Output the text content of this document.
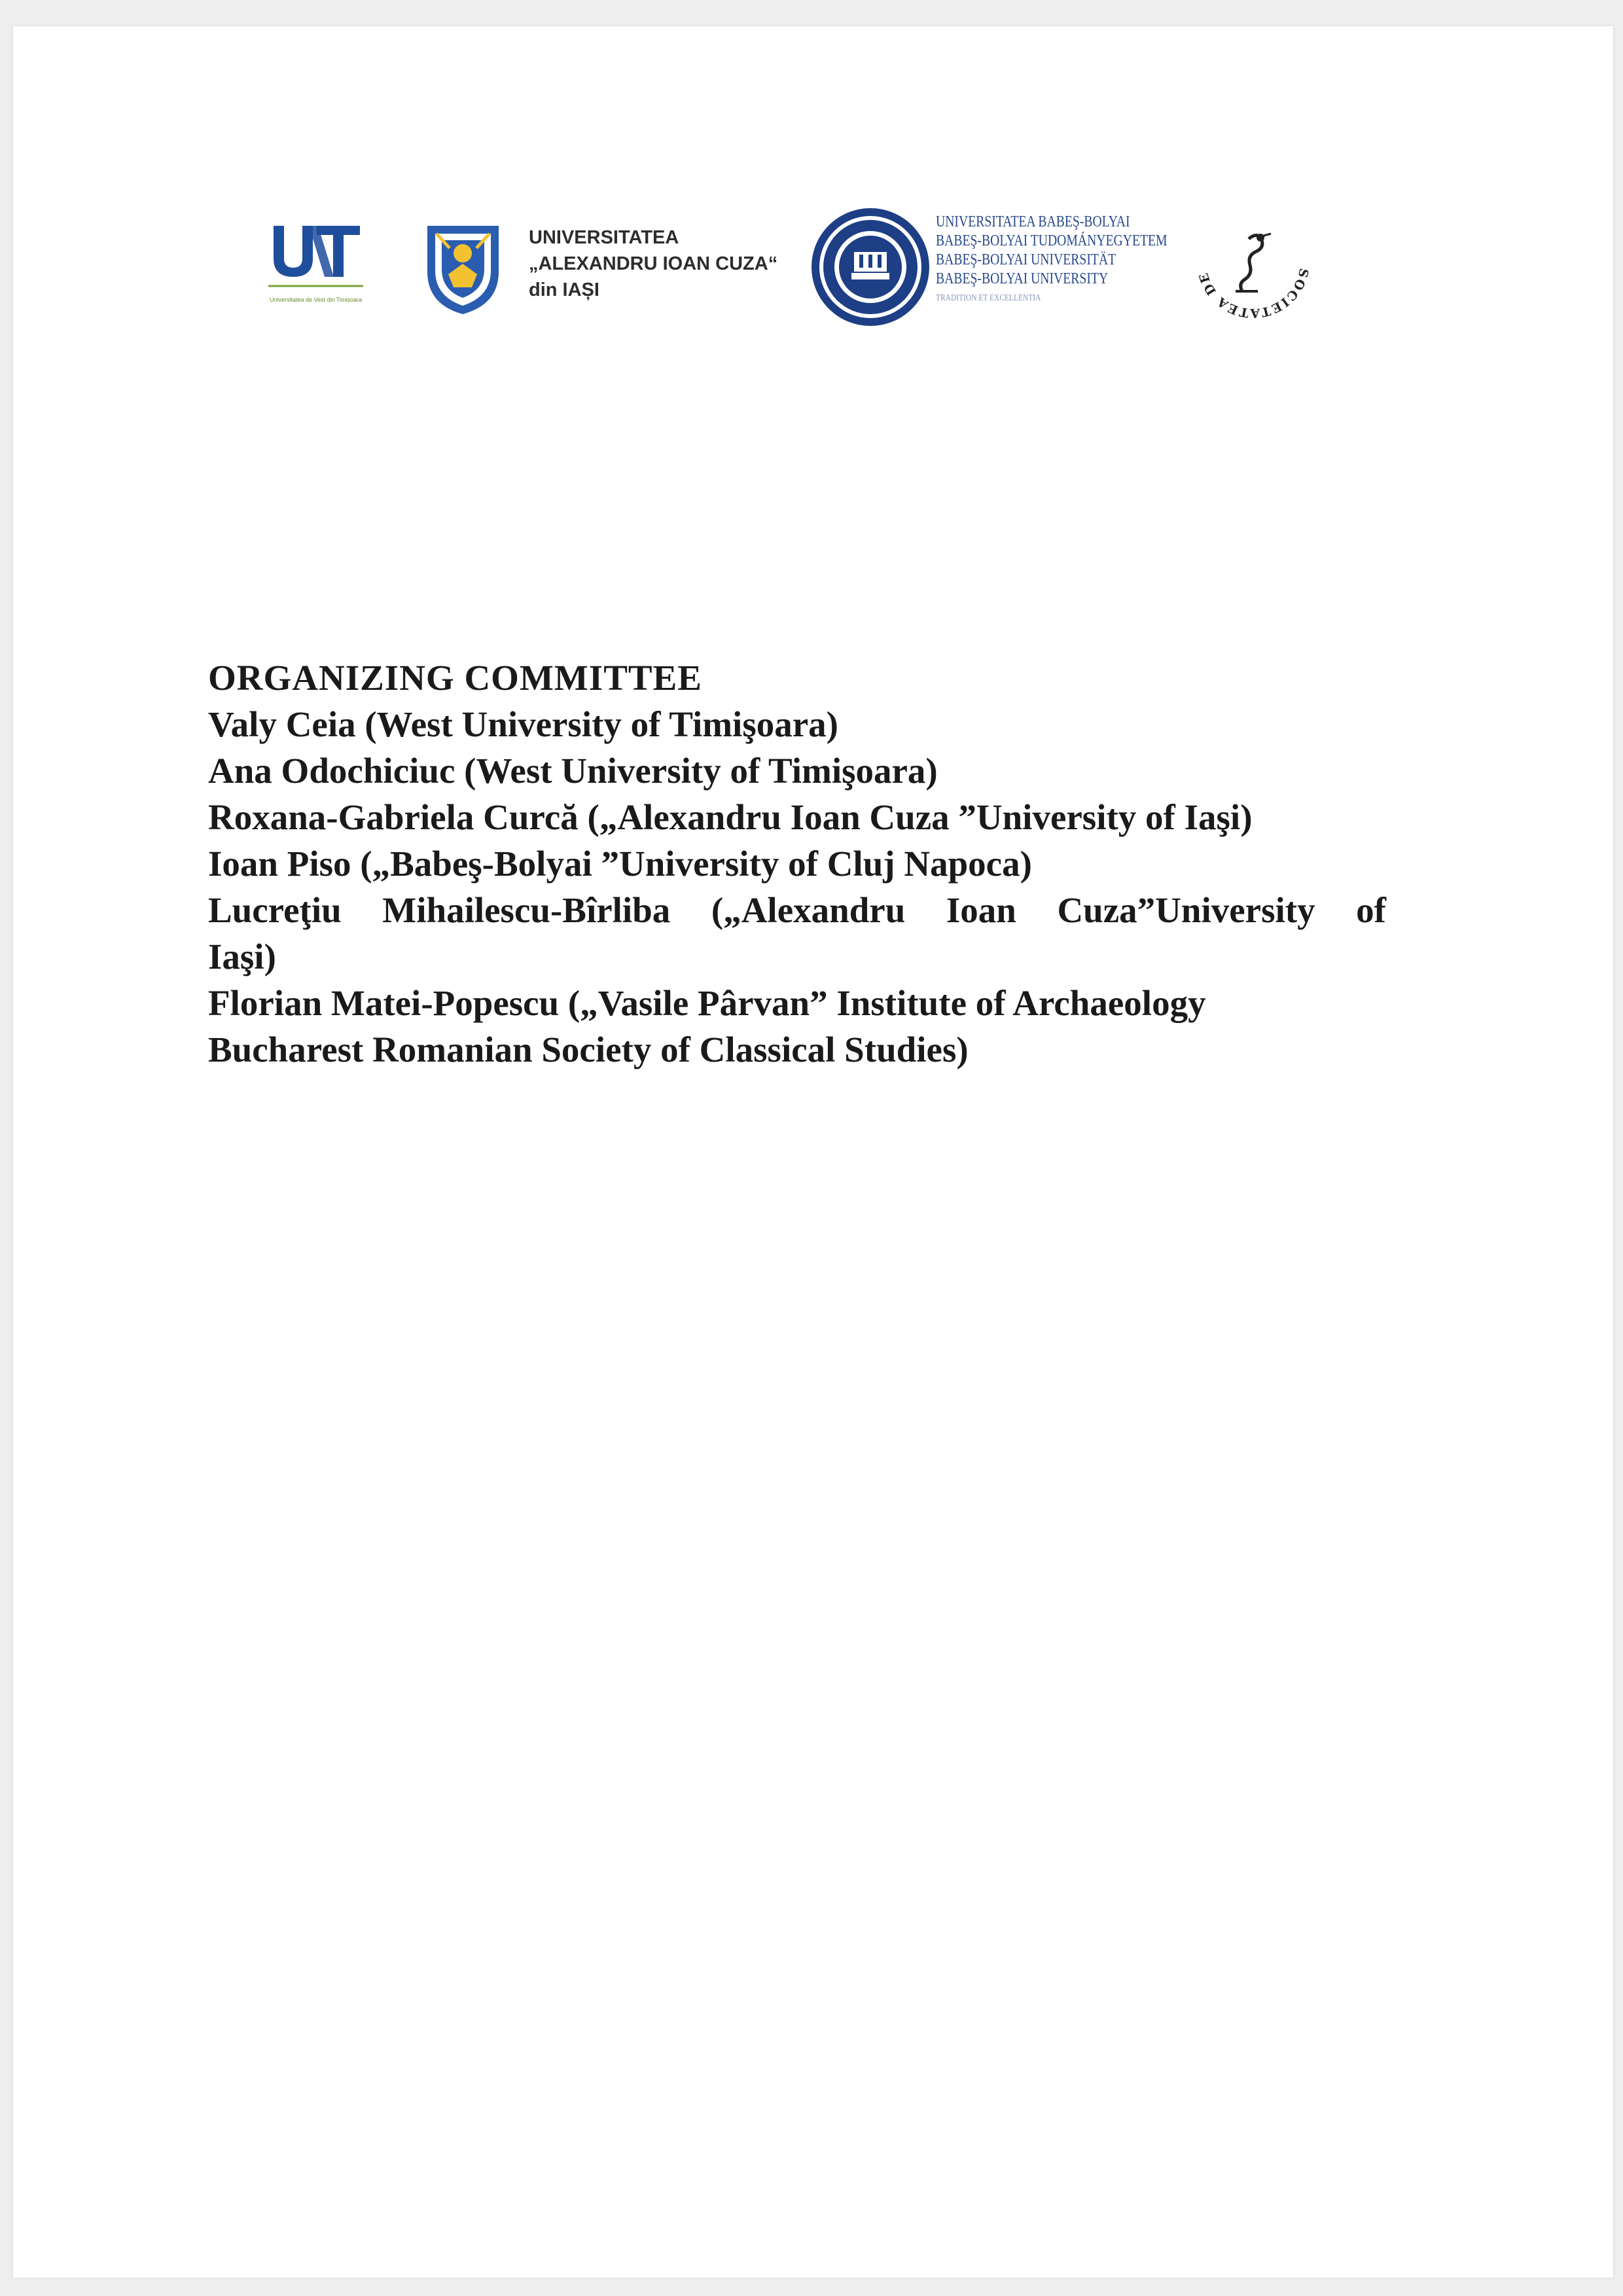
Universitatea de Vest din Timișoara
UNIVERSITATEA
„ALEXANDRU IOAN CUZA“
din IAȘI
UNIVERSITATEA BABEŞ-BOLYAI
BABEŞ-BOLYAI TUDOMÁNYEGYETEM
BABEŞ-BOLYAI UNIVERSITÄT
BABEŞ-BOLYAI UNIVERSITY
TRADITION ET EXCELLENTIA
SOCIETATEA DE
ORGANIZING COMMITTEE
Valy Ceia (West University of Timişoara)
Ana Odochiciuc (West University of Timişoara)
Roxana-Gabriela Curcă („Alexandru Ioan Cuza ”University of Iaşi)
Ioan Piso („Babeş-Bolyai ”University of Cluj Napoca)
Lucreţiu Mihailescu-Bîrliba („Alexandru Ioan Cuza”University of
Iaşi)
Florian Matei-Popescu („Vasile Pârvan” Institute of Archaeology
Bucharest Romanian Society of Classical Studies)
